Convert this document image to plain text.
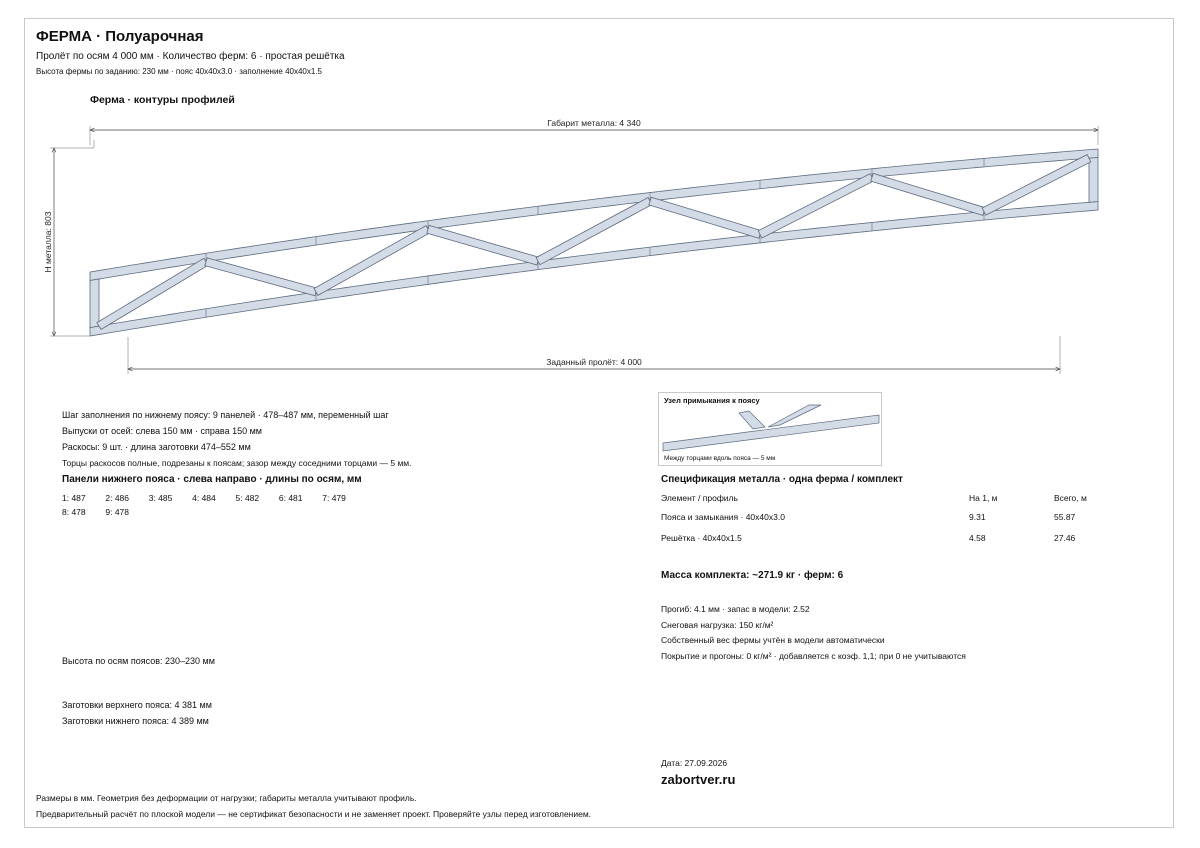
ФЕРМА · Полуарочная
Пролёт по осям 4 000 мм · Количество ферм: 6 · простая решётка
Высота фермы по заданию: 230 мм · пояс 40x40x3.0 · заполнение 40x40x1.5
Ферма · контуры профилей
Габарит металла: 4 340
Н металла: 803
Заданный пролёт: 4 000
Шаг заполнения по нижнему поясу: 9 панелей · 478–487 мм, переменный шаг
Выпуски от осей: слева 150 мм · справа 150 мм
Раскосы: 9 шт. · длина заготовки 474–552 мм
Торцы раскосов полные, подрезаны к поясам; зазор между соседними торцами — 5 мм.
Панели нижнего пояса · слева направо · длины по осям, мм
1: 487 2: 486 3: 485 4: 484 5: 482 6: 481 7: 479 8: 478 9: 478
Высота по осям поясов: 230–230 мм
Заготовки верхнего пояса: 4 381 мм
Заготовки нижнего пояса: 4 389 мм
Узел примыкания к поясу
Между торцами вдоль пояса — 5 мм
Спецификация металла · одна ферма / комплект
Элемент / профиль	На 1, м	Всего, м
Пояса и замыкания · 40x40x3.0	9.31	55.87
Решётка · 40x40x1.5	4.58	27.46
Масса комплекта: ~271.9 кг · ферм: 6
Прогиб: 4.1 мм · запас в модели: 2.52
Снеговая нагрузка: 150 кг/м²
Собственный вес фермы учтён в модели автоматически
Покрытие и прогоны: 0 кг/м² · добавляется с коэф. 1,1; при 0 не учитываются
Дата: 27.09.2026
zabortver.ru
Размеры в мм. Геометрия без деформации от нагрузки; габариты металла учитывают профиль.
Предварительный расчёт по плоской модели — не сертификат безопасности и не заменяет проект. Проверяйте узлы перед изготовлением.
